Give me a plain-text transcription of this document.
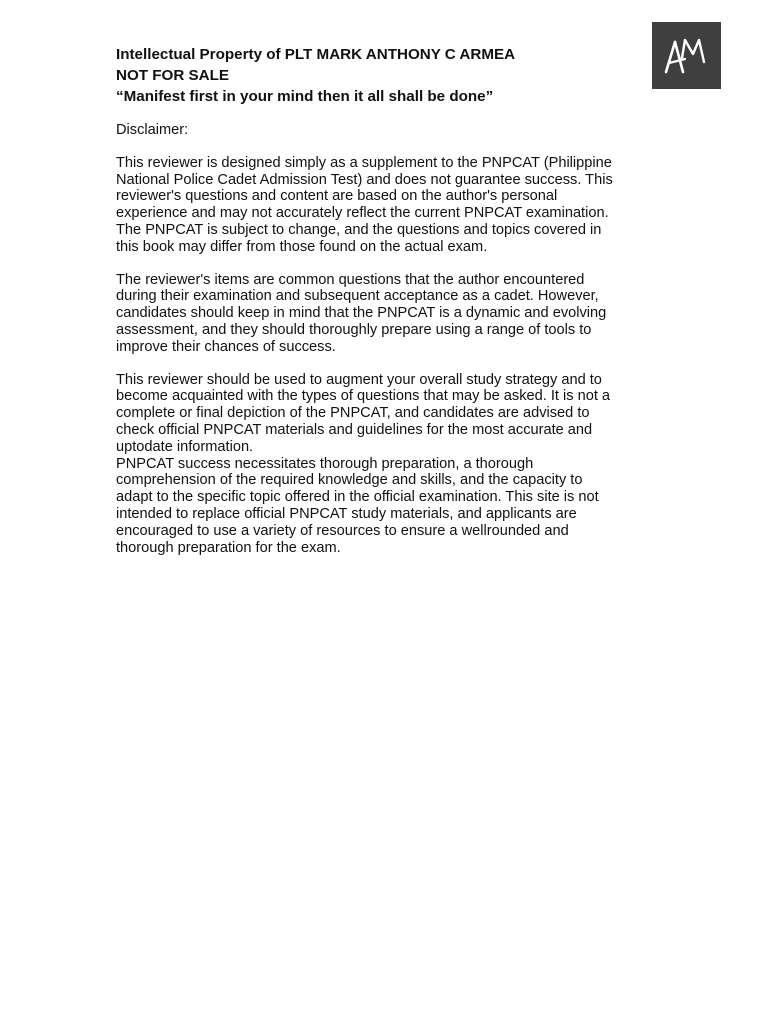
Intellectual Property of PLT MARK ANTHONY C ARMEA

NOT FOR SALE

“Manifest first in your mind then it all shall be done”

Disclaimer:

This reviewer is designed simply as a supplement to the PNPCAT (Philippine
National Police Cadet Admission Test) and does not guarantee success. This
reviewer's questions and content are based on the author's personal
experience and may not accurately reflect the current PNPCAT examination.
The PNPCAT is subject to change, and the questions and topics covered in
this book may differ from those found on the actual exam.

The reviewer's items are common questions that the author encountered
during their examination and subsequent acceptance as a cadet. However,
candidates should keep in mind that the PNPCAT is a dynamic and evolving
assessment, and they should thoroughly prepare using a range of tools to
improve their chances of success.

This reviewer should be used to augment your overall study strategy and to
become acquainted with the types of questions that may be asked. It is not a
complete or final depiction of the PNPCAT, and candidates are advised to
check official PNPCAT materials and guidelines for the most accurate and
uptodate information.

PNPCAT success necessitates thorough preparation, a thorough
comprehension of the required knowledge and skills, and the capacity to
adapt to the specific topic offered in the official examination. This site is not
intended to replace official PNPCAT study materials, and applicants are
encouraged to use a variety of resources to ensure a wellrounded and
thorough preparation for the exam.
